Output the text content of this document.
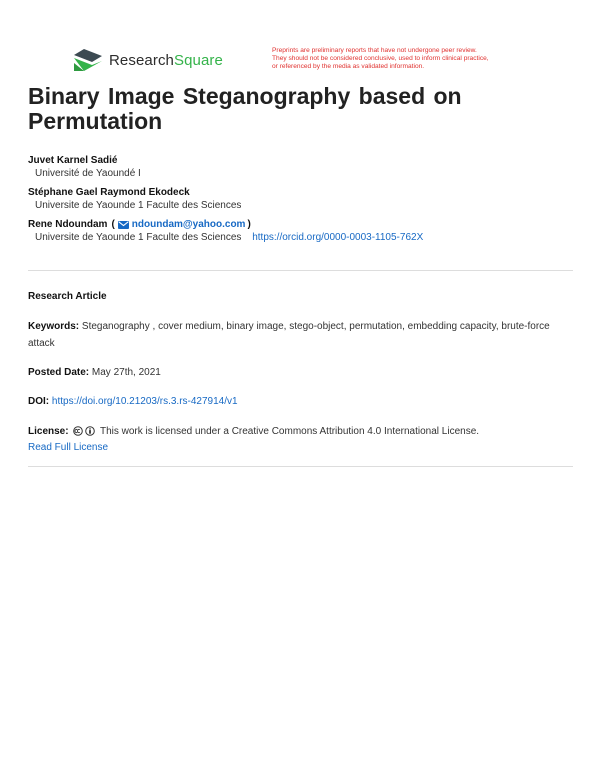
ResearchSquare
Preprints are preliminary reports that have not undergone peer review.
They should not be considered conclusive, used to inform clinical practice,
or referenced by the media as validated information.
Binary Image Steganography based on Permutation
Juvet Karnel Sadié
Université de Yaoundé I
Stéphane Gael Raymond Ekodeck
Universite de Yaounde 1 Faculte des Sciences
Rene Ndoundam ( ndoundam@yahoo.com )
Universite de Yaounde 1 Faculte des Sciences https://orcid.org/0000-0003-1105-762X
Research Article
Keywords: Steganography , cover medium, binary image, stego-object, permutation, embedding capacity, brute-force attack
Posted Date: May 27th, 2021
DOI: https://doi.org/10.21203/rs.3.rs-427914/v1
License:	This work is licensed under a Creative Commons Attribution 4.0 International License.
Read Full License
